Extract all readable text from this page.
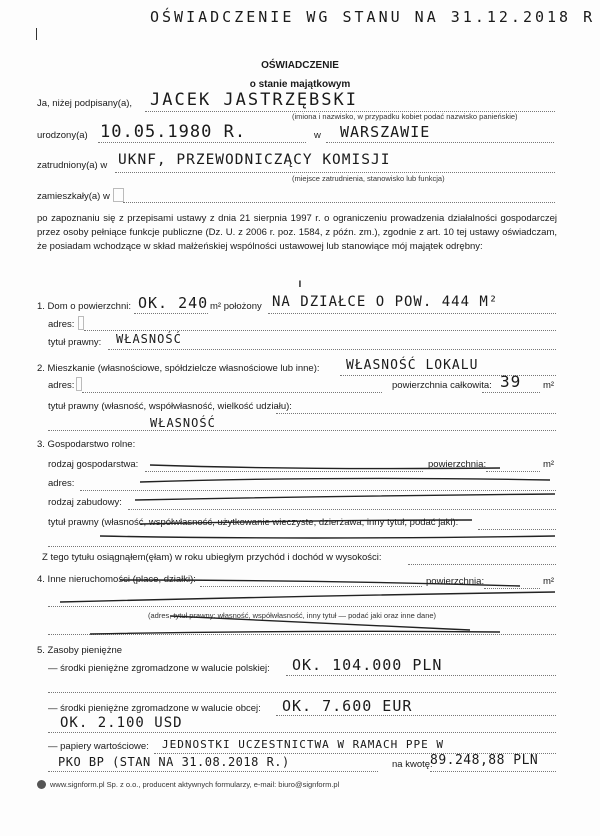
OŚWIADCZENIE WG STANU NA 31.12.2018 R
OŚWIADCZENIE
o stanie majątkowym
Ja, niżej podpisany(a), JACEK JASTRZĘBSKI
(imiona i nazwisko, w przypadku kobiet podać nazwisko panieńskie)
urodzony(a) 10.05.1980 R.	w WARSZAWIE
zatrudniony(a) w UKNF, PRZEWODNICZĄCY KOMISJI
(miejsce zatrudnienia, stanowisko lub funkcja)
zamieszkały(a) w
po zapoznaniu się z przepisami ustawy z dnia 21 sierpnia 1997 r. o ograniczeniu prowadzenia działalności gospodarczej przez osoby pełniące funkcje publiczne (Dz. U. z 2006 r. poz. 1584, z późn. zm.), zgodnie z art. 10 tej ustawy oświadczam, że posiadam wchodzące w skład małżeńskiej wspólności ustawowej lub stanowiące mój majątek odrębny:
I
1. Dom o powierzchni: OK. 240 m² położony NA DZIAŁCE O POW. 444 M²
adres:
tytuł prawny: WŁASNOŚĆ
2. Mieszkanie (własnościowe, spółdzielcze własnościowe lub inne): WŁASNOŚĆ LOKALU
adres:	powierzchnia całkowita: 39 m²
tytuł prawny (własność, współwłasność, wielkość udziału):
WŁASNOŚĆ
3. Gospodarstwo rolne:
rodzaj gospodarstwa:	powierzchnia:	m²
adres:
rodzaj zabudowy:
tytuł prawny (własność, współwłasność, użytkowanie wieczyste, dzierżawa, inny tytuł, podać jaki):
Z tego tytułu osiągnąłem(ęłam) w roku ubiegłym przychód i dochód w wysokości:
4. Inne nieruchomości (place, działki):	powierzchnia:	m²
(adres, tytuł prawny: własność, współwłasność, inny tytuł — podać jaki oraz inne dane)
5. Zasoby pieniężne
— środki pieniężne zgromadzone w walucie polskiej: OK. 104.000 PLN
— środki pieniężne zgromadzone w walucie obcej: OK. 7.600 EUR
OK. 2.100 USD
— papiery wartościowe: JEDNOSTKI UCZESTNICTWA W RAMACH PPE W
PKO BP (STAN NA 31.08.2018 R.)	na kwotę:
89.248,88 PLN
www.signform.pl Sp. z o.o., producent aktywnych formularzy, e-mail: biuro@signform.pl
